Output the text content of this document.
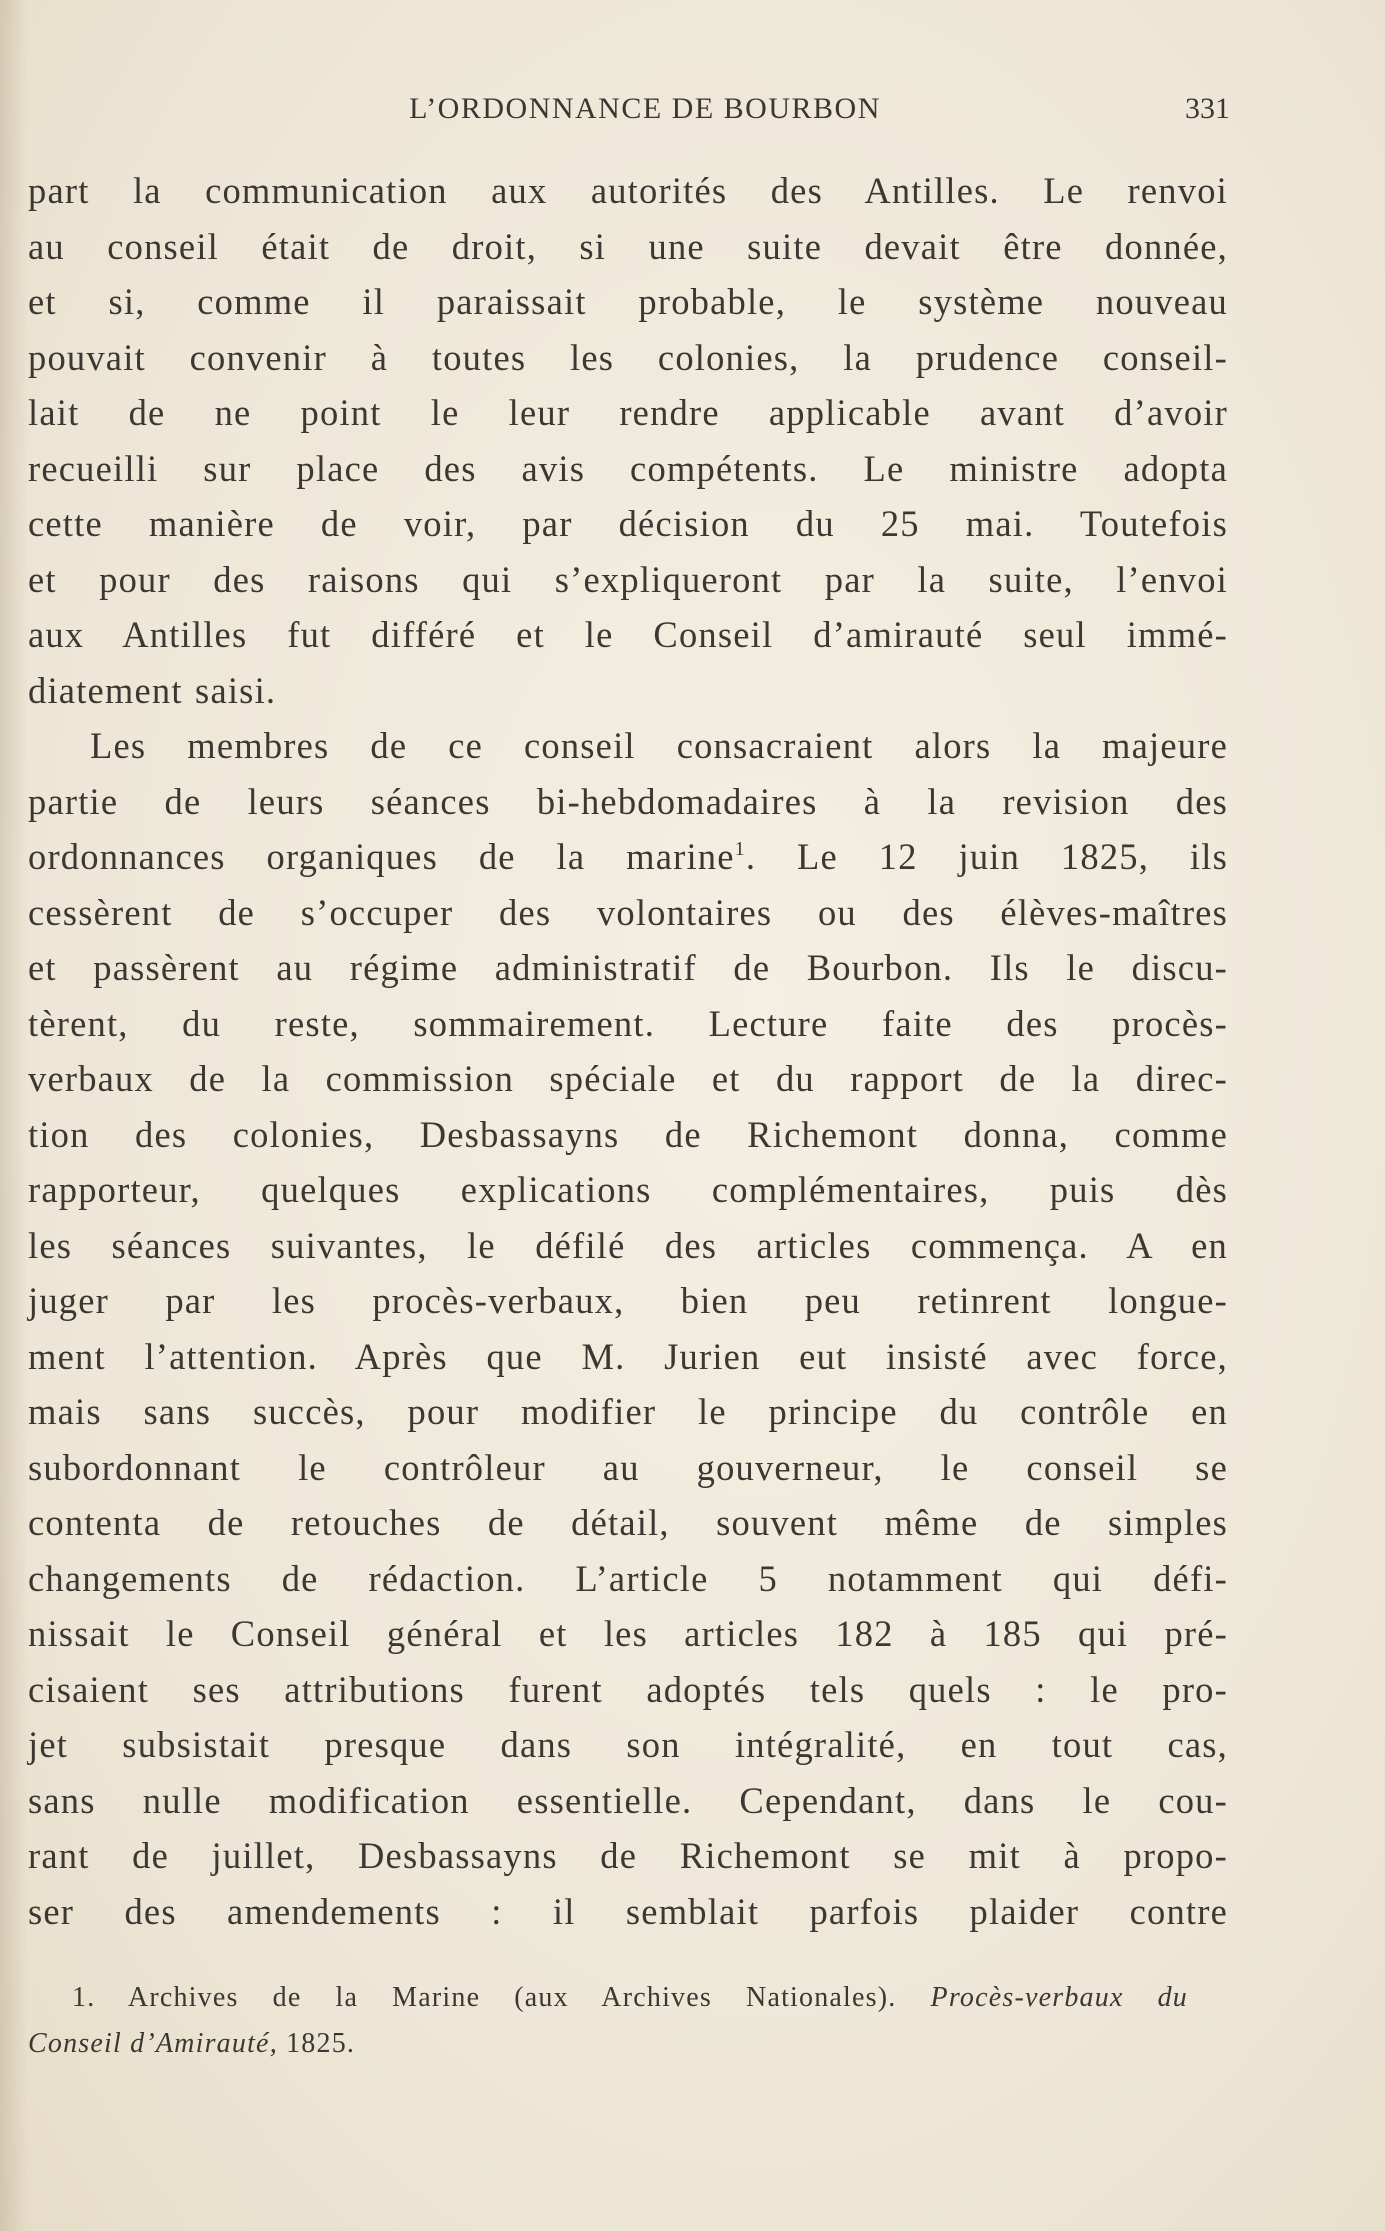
L’ORDONNANCE DE BOURBON	331
part la communication aux autorités des Antilles. Le renvoi
au conseil était de droit, si une suite devait être donnée,
et si, comme il paraissait probable, le système nouveau
pouvait convenir à toutes les colonies, la prudence conseil-
lait de ne point le leur rendre applicable avant d’avoir
recueilli sur place des avis compétents. Le ministre adopta
cette manière de voir, par décision du 25 mai. Toutefois
et pour des raisons qui s’expliqueront par la suite, l’envoi
aux Antilles fut différé et le Conseil d’amirauté seul immé-
diatement saisi.
Les membres de ce conseil consacraient alors la majeure
partie de leurs séances bi-hebdomadaires à la revision des
ordonnances organiques de la marine$^1$. Le 12 juin 1825, ils
cessèrent de s’occuper des volontaires ou des élèves-maîtres
et passèrent au régime administratif de Bourbon. Ils le discu-
tèrent, du reste, sommairement. Lecture faite des procès-
verbaux de la commission spéciale et du rapport de la direc-
tion des colonies, Desbassayns de Richemont donna, comme
rapporteur, quelques explications complémentaires, puis dès
les séances suivantes, le défilé des articles commença. A en
juger par les procès-verbaux, bien peu retinrent longue-
ment l’attention. Après que M. Jurien eut insisté avec force,
mais sans succès, pour modifier le principe du contrôle en
subordonnant le contrôleur au gouverneur, le conseil se
contenta de retouches de détail, souvent même de simples
changements de rédaction. L’article 5 notamment qui défi-
nissait le Conseil général et les articles 182 à 185 qui pré-
cisaient ses attributions furent adoptés tels quels : le pro-
jet subsistait presque dans son intégralité, en tout cas,
sans nulle modification essentielle. Cependant, dans le cou-
rant de juillet, Desbassayns de Richemont se mit à propo-
ser des amendements : il semblait parfois plaider contre
1. Archives de la Marine (aux Archives Nationales). Procès-verbaux du
Conseil d’Amirauté, 1825.
